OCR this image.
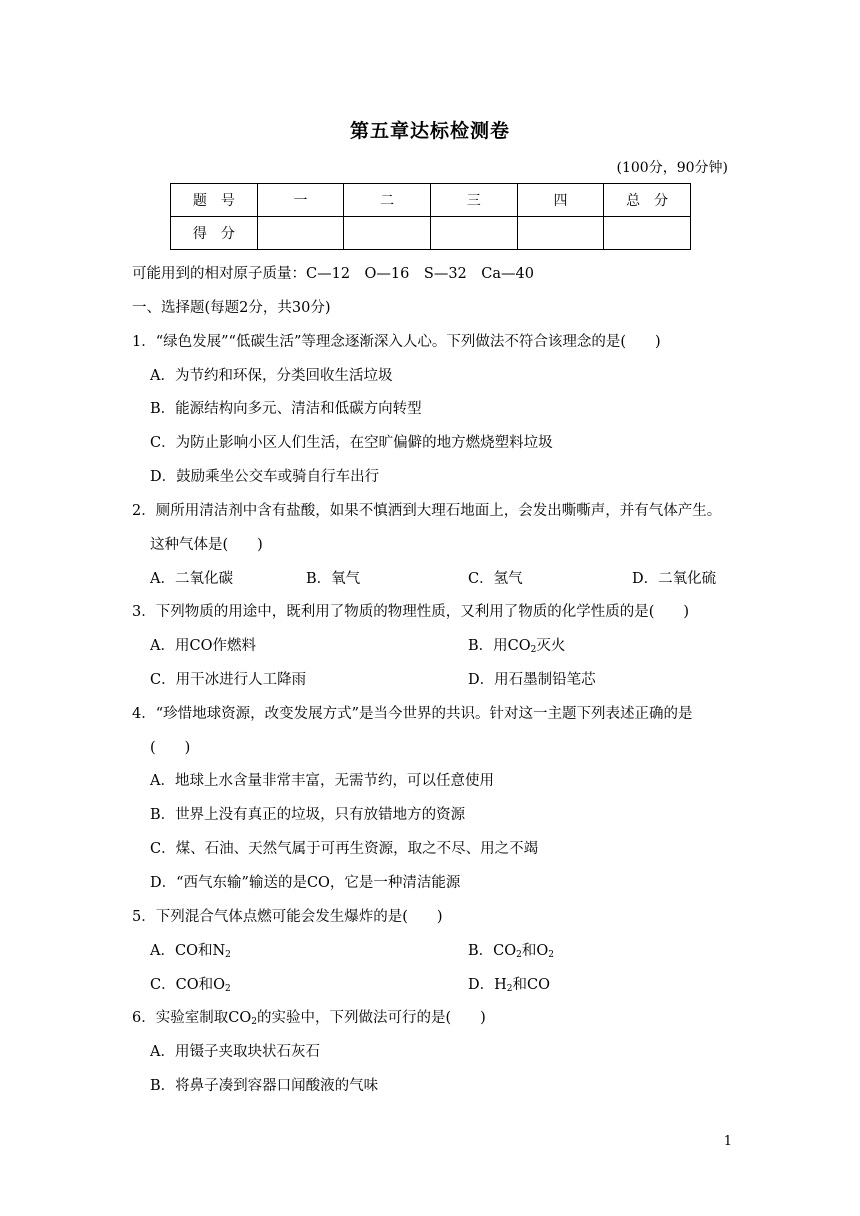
第五章达标检测卷
(100分，90分钟)
题　号	一	二	三	四	总　分
得　分					
可能用到的相对原子质量：C—12　O—16　S—32　Ca—40
一、选择题(每题2分，共30分)
1．“绿色发展”“低碳生活”等理念逐渐深入人心。下列做法不符合该理念的是(　　)
A．为节约和环保，分类回收生活垃圾
B．能源结构向多元、清洁和低碳方向转型
C．为防止影响小区人们生活，在空旷偏僻的地方燃烧塑料垃圾
D．鼓励乘坐公交车或骑自行车出行
2．厕所用清洁剂中含有盐酸，如果不慎洒到大理石地面上，会发出嘶嘶声，并有气体产生。
这种气体是(　　)
A．二氧化碳	B．氧气	C．氢气	D．二氧化硫
3．下列物质的用途中，既利用了物质的物理性质，又利用了物质的化学性质的是(　　)
A．用CO作燃料	B．用$CO_2$灭火
C．用干冰进行人工降雨	D．用石墨制铅笔芯
4．“珍惜地球资源，改变发展方式”是当今世界的共识。针对这一主题下列表述正确的是
(　　)
A．地球上水含量非常丰富，无需节约，可以任意使用
B．世界上没有真正的垃圾，只有放错地方的资源
C．煤、石油、天然气属于可再生资源，取之不尽、用之不竭
D．“西气东输”输送的是CO，它是一种清洁能源
5．下列混合气体点燃可能会发生爆炸的是(　　)
A．CO和$N_2$	B．$CO_2$和$O_2$
C．CO和$O_2$	D．$H_2$和CO
6．实验室制取$CO_2$的实验中，下列做法可行的是(　　)
A．用镊子夹取块状石灰石
B．将鼻子凑到容器口闻酸液的气味
1
